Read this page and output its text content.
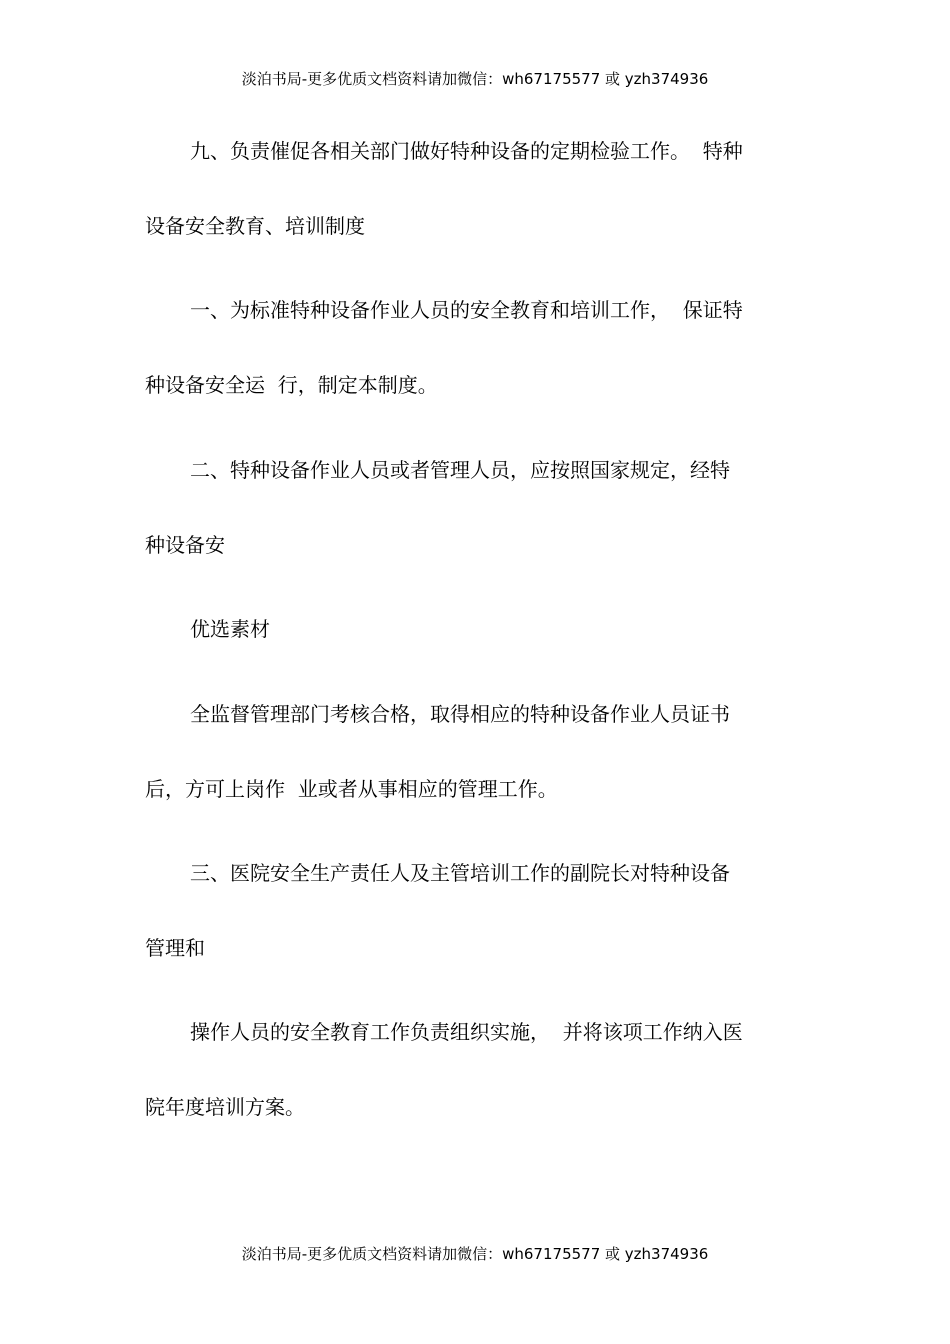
淡泊书局-更多优质文档资料请加微信：wh67175577 或 yzh374936
九、负责催促各相关部门做好特种设备的定期检验工作。  特种
设备安全教育、培训制度
一、为标准特种设备作业人员的安全教育和培训工作，  保证特
种设备安全运  行，制定本制度。
二、特种设备作业人员或者管理人员，应按照国家规定，经特
种设备安
优选素材
全监督管理部门考核合格，取得相应的特种设备作业人员证书
后，方可上岗作  业或者从事相应的管理工作。
三、医院安全生产责任人及主管培训工作的副院长对特种设备
管理和
操作人员的安全教育工作负责组织实施，  并将该项工作纳入医
院年度培训方案。
淡泊书局-更多优质文档资料请加微信：wh67175577 或 yzh374936
